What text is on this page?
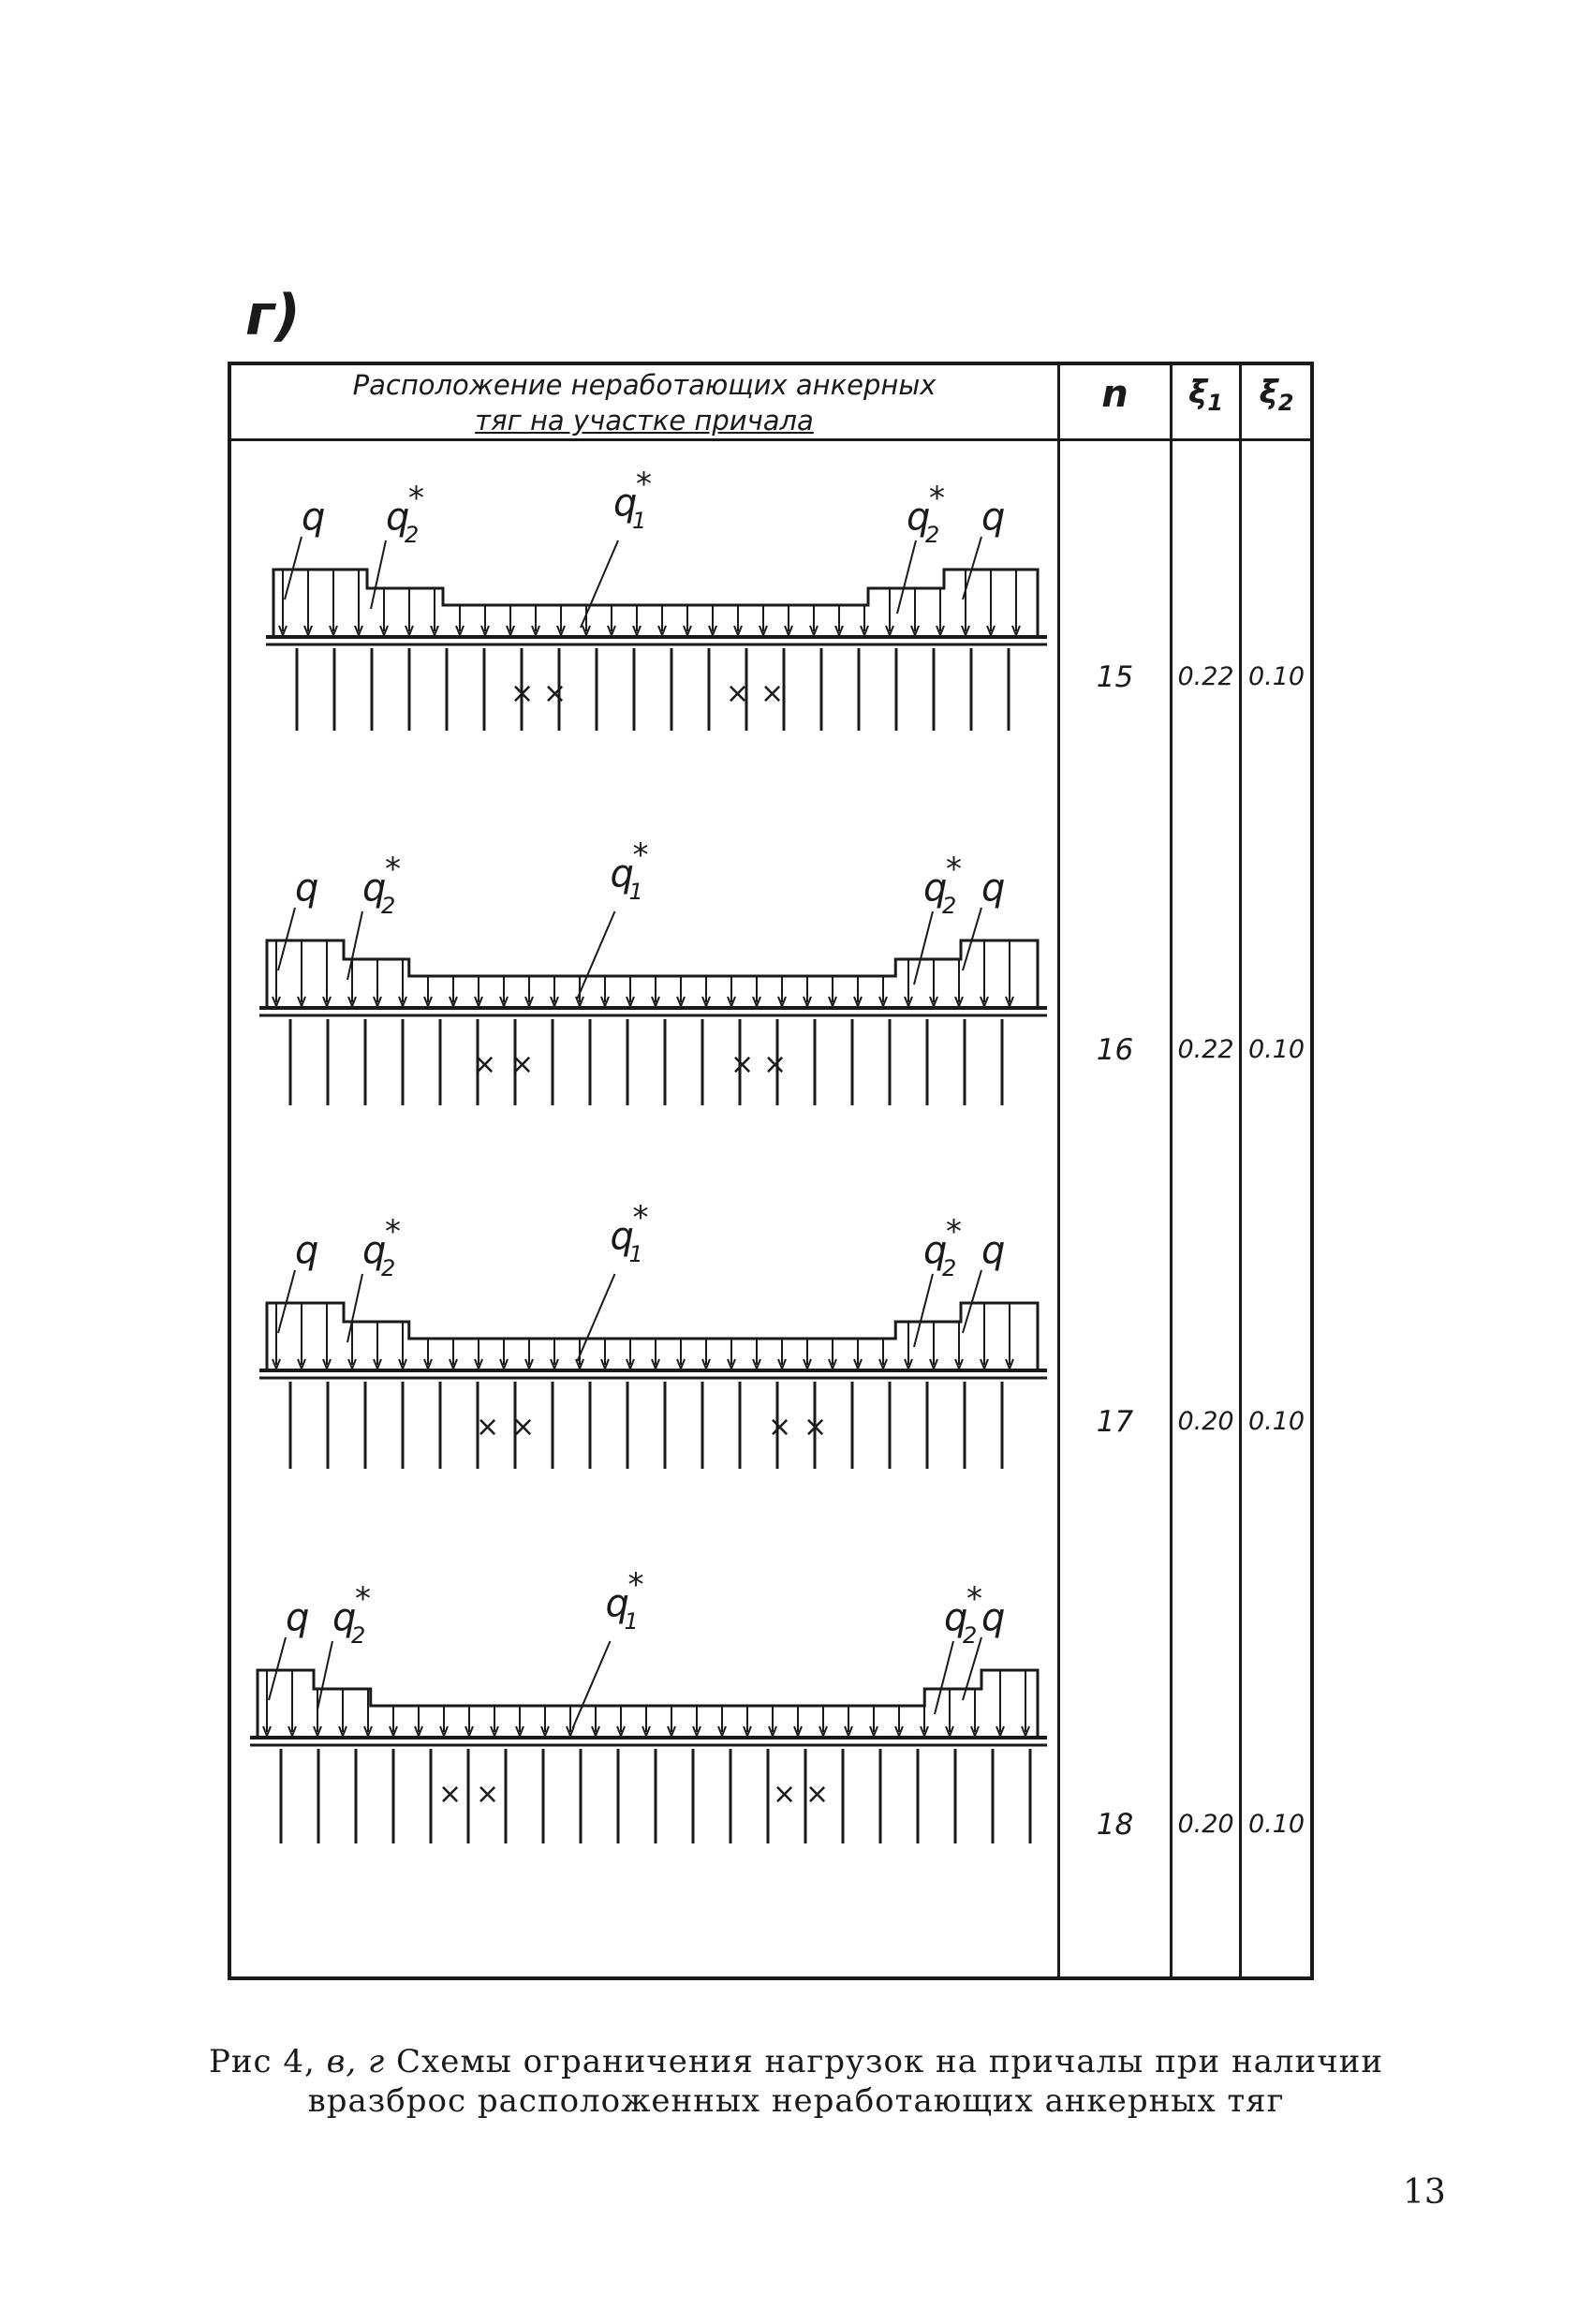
г)
Расположение неработающих анкерных
тяг на участке причала
n	$\xi_1$	$\xi_2$
15	0.22 0.10
16	0.22 0.10
17	0.20 0.10
18	0.20 0.10
× ×	× ×
q q
2
*	q
1
*
q
2
* q
× ×	× ×
q q
2
*	q
1
*
q
2
* q
× ×	× ×
q q
2
*	q
1
*
q
2
* q
× ×	× ×
q q
2
*	q
1
*
q
2
* q
Рис 4, в, г Схемы ограничения нагрузок на причалы при наличии
вразброс расположенных неработающих анкерных тяг
13
